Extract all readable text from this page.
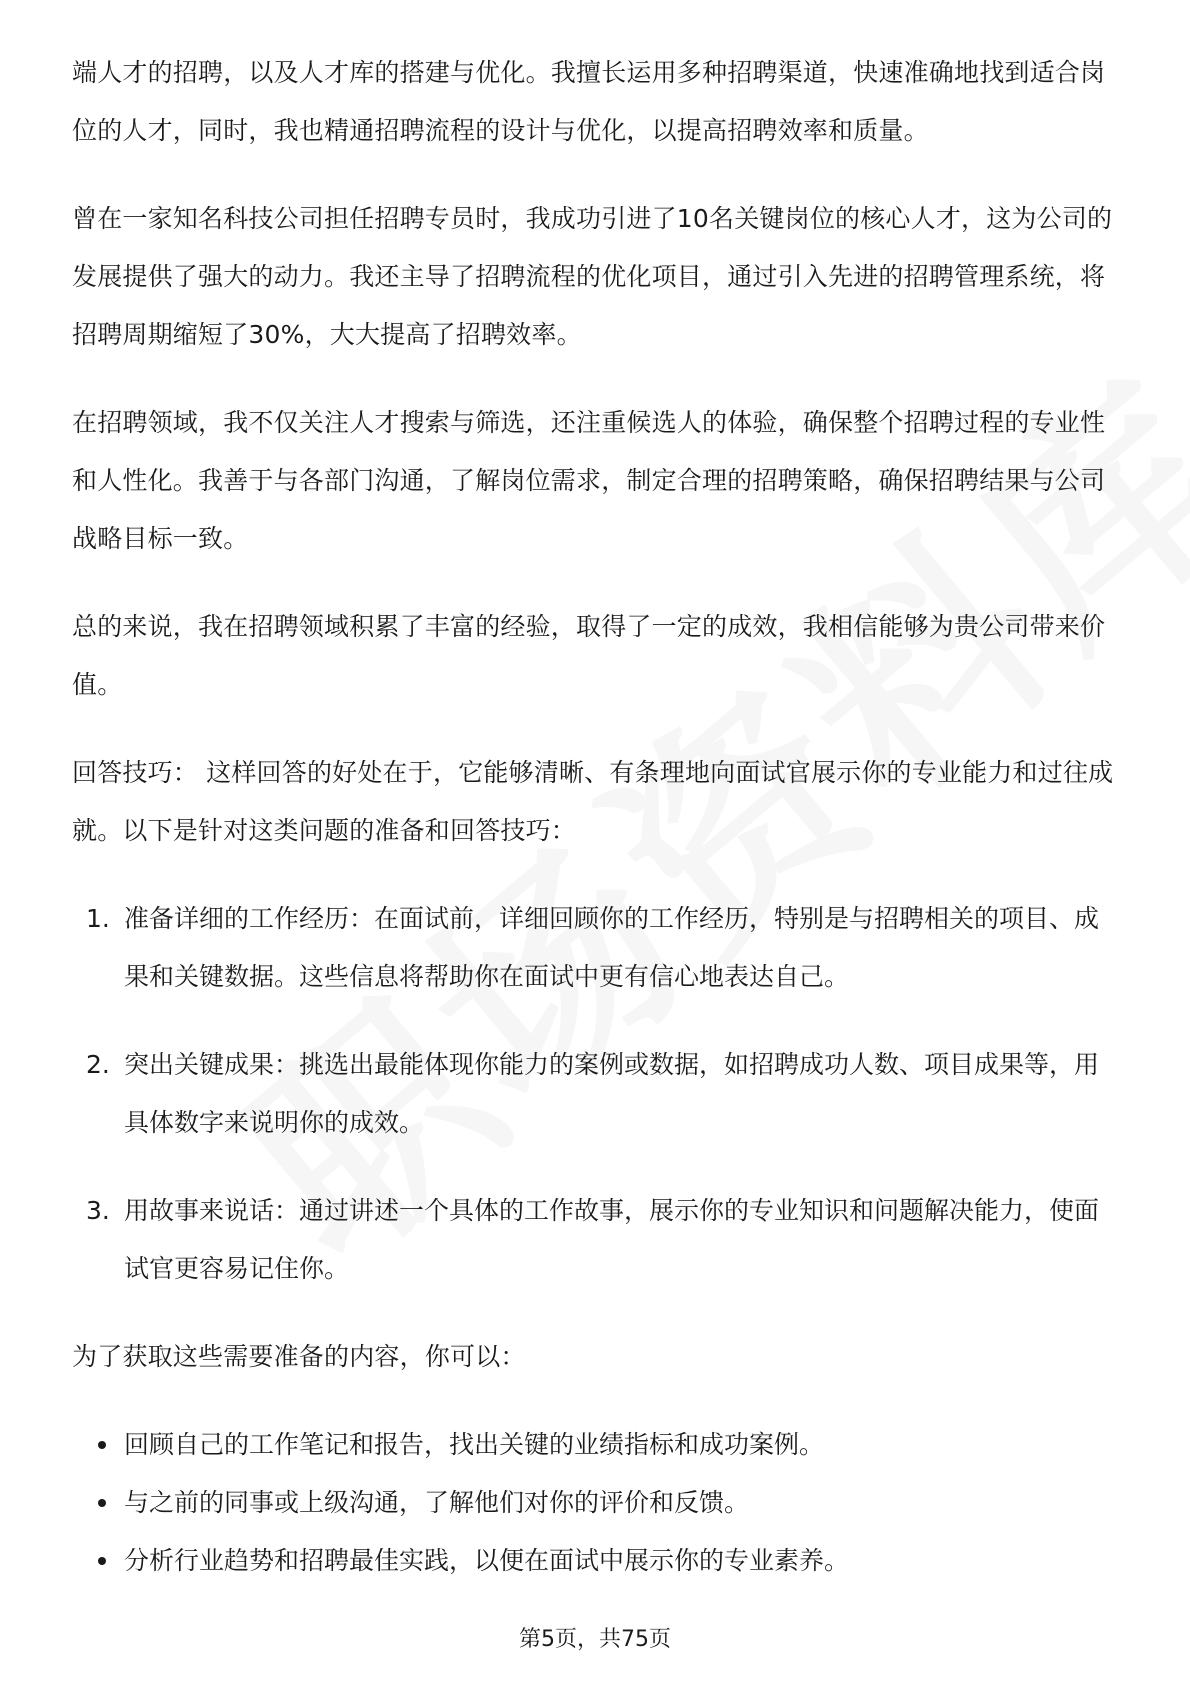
端人才的招聘，以及人才库的搭建与优化。我擅长运用多种招聘渠道，快速准确地找到适合岗位的人才，同时，我也精通招聘流程的设计与优化，以提高招聘效率和质量。

曾在一家知名科技公司担任招聘专员时，我成功引进了10名关键岗位的核心人才，这为公司的发展提供了强大的动力。我还主导了招聘流程的优化项目，通过引入先进的招聘管理系统，将招聘周期缩短了30%，大大提高了招聘效率。

在招聘领域，我不仅关注人才搜索与筛选，还注重候选人的体验，确保整个招聘过程的专业性和人性化。我善于与各部门沟通，了解岗位需求，制定合理的招聘策略，确保招聘结果与公司战略目标一致。

总的来说，我在招聘领域积累了丰富的经验，取得了一定的成效，我相信能够为贵公司带来价值。

回答技巧： 这样回答的好处在于，它能够清晰、有条理地向面试官展示你的专业能力和过往成就。以下是针对这类问题的准备和回答技巧：

1. 准备详细的工作经历：在面试前，详细回顾你的工作经历，特别是与招聘相关的项目、成果和关键数据。这些信息将帮助你在面试中更有信心地表达自己。
2. 突出关键成果：挑选出最能体现你能力的案例或数据，如招聘成功人数、项目成果等，用具体数字来说明你的成效。
3. 用故事来说话：通过讲述一个具体的工作故事，展示你的专业知识和问题解决能力，使面试官更容易记住你。

为了获取这些需要准备的内容，你可以：

回顾自己的工作笔记和报告，找出关键的业绩指标和成功案例。
与之前的同事或上级沟通，了解他们对你的评价和反馈。
分析行业趋势和招聘最佳实践，以便在面试中展示你的专业素养。
第5页，共75页
